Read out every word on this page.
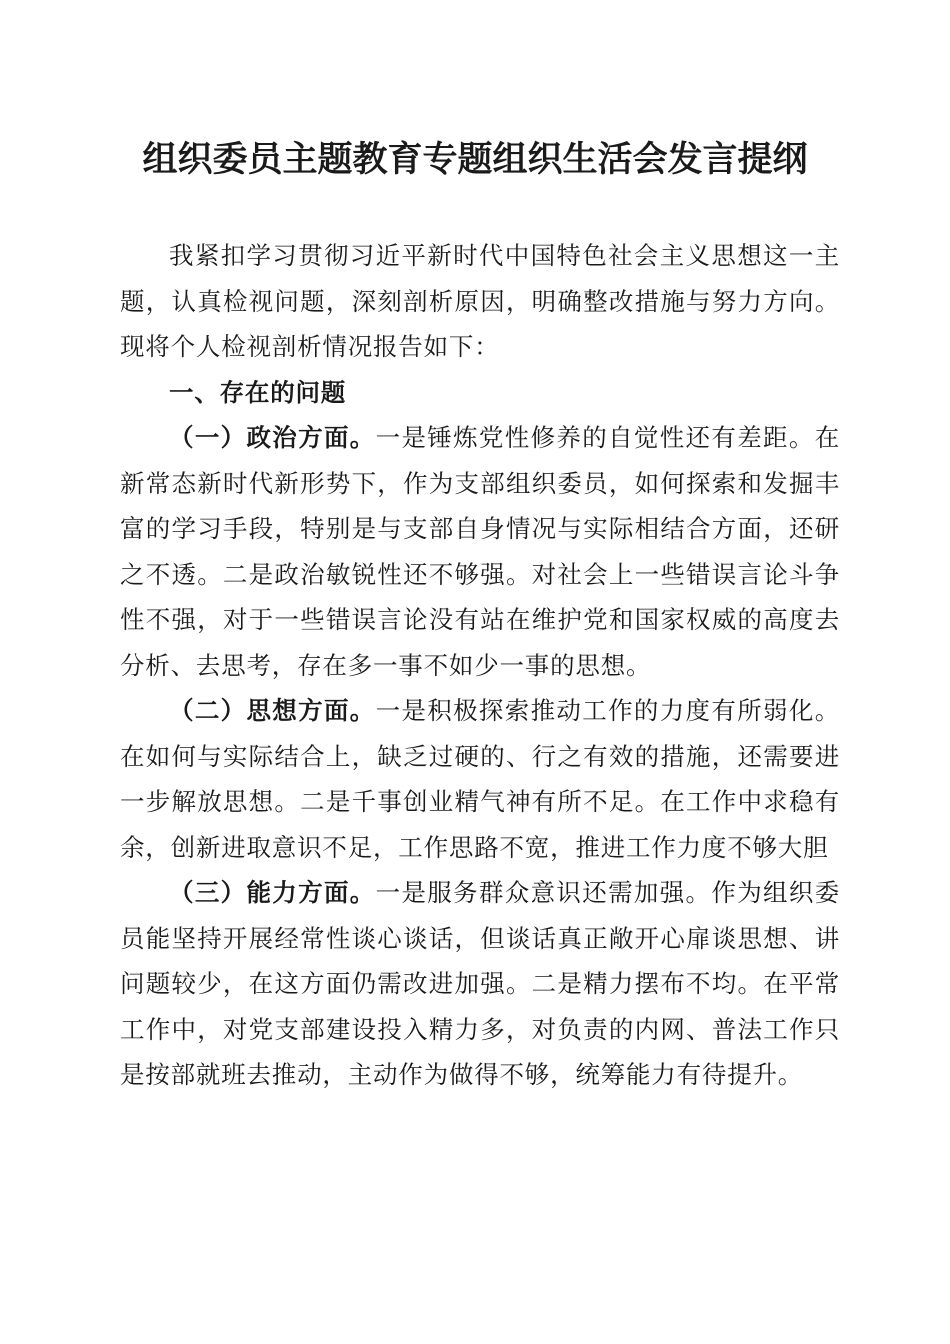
组织委员主题教育专题组织生活会发言提纲

我紧扣学习贯彻习近平新时代中国特色社会主义思想这一主题，认真检视问题，深刻剖析原因，明确整改措施与努力方向。现将个人检视剖析情况报告如下：

一、存在的问题

（一）政治方面。一是锤炼党性修养的自觉性还有差距。在新常态新时代新形势下，作为支部组织委员，如何探索和发掘丰富的学习手段，特别是与支部自身情况与实际相结合方面，还研之不透。二是政治敏锐性还不够强。对社会上一些错误言论斗争性不强，对于一些错误言论没有站在维护党和国家权威的高度去分析、去思考，存在多一事不如少一事的思想。

（二）思想方面。一是积极探索推动工作的力度有所弱化。在如何与实际结合上，缺乏过硬的、行之有效的措施，还需要进一步解放思想。二是千事创业精气神有所不足。在工作中求稳有余，创新进取意识不足，工作思路不宽，推进工作力度不够大胆

（三）能力方面。一是服务群众意识还需加强。作为组织委员能坚持开展经常性谈心谈话，但谈话真正敞开心扉谈思想、讲问题较少，在这方面仍需改进加强。二是精力摆布不均。在平常工作中，对党支部建设投入精力多，对负责的内网、普法工作只是按部就班去推动，主动作为做得不够，统筹能力有待提升。
